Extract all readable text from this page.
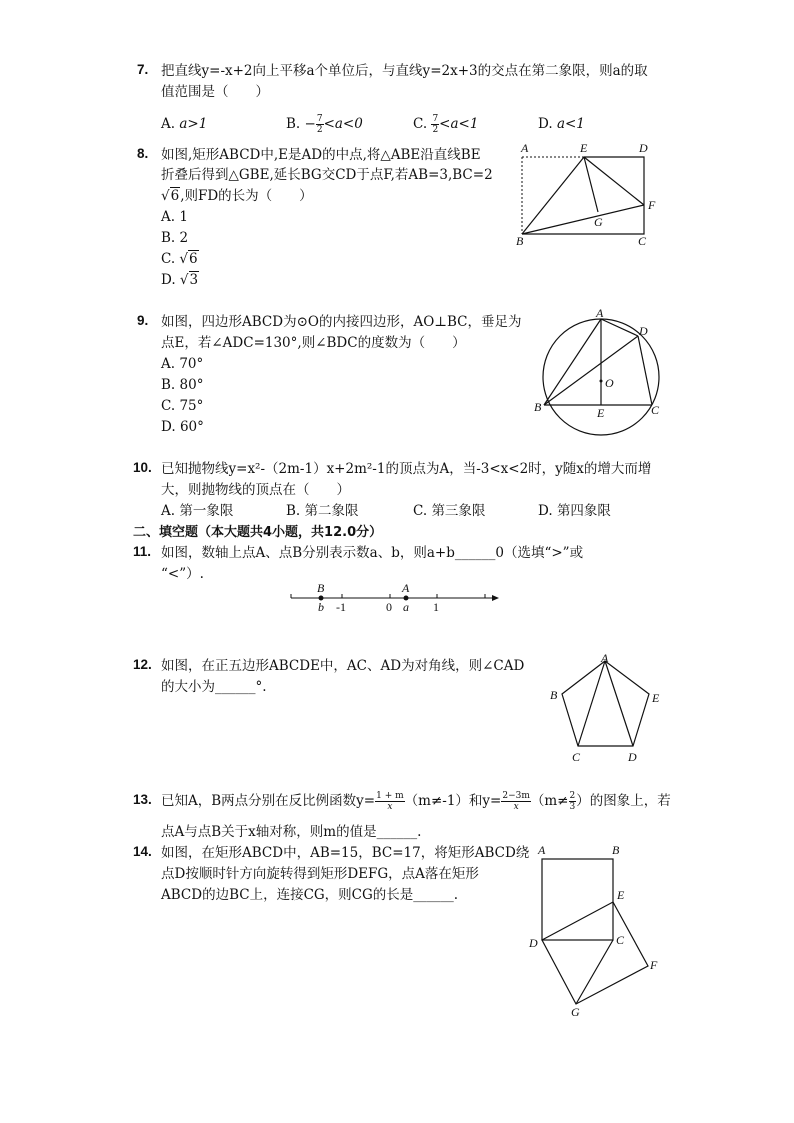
7. 把直线y=-x+2向上平移a个单位后，与直线y=2x+3的交点在第二象限，则a的取
值范围是（　　）
A. a>1	B. − $\frac{7}{2} <a<0$	C. $\frac{7}{2} <a<1$	D. a<1
8. 如图,矩形ABCD中,E是AD的中点,将△ABE沿直线BE
折叠后得到△GBE,延长BG交CD于点F,若AB=3,BC=2
√6,则FD的长为（　　）
A. 1
B. 2
C. √6
D. √3
A	E	D
F
G
B	C
9. 如图，四边形ABCD为⊙O的内接四边形，AO⊥BC，垂足为
点E，若∠ADC=130°,则∠BDC的度数为（　　）
A. 70°
B. 80°
C. 75°
D. 60°
A
D
O
B	E	C
10. 已知抛物线y=x²-（2m-1）x+2m²-1的顶点为A，当-3<x<2时，y随x的增大而增
大，则抛物线的顶点在（　　）
A. 第一象限	B. 第二象限	C. 第三象限	D. 第四象限
二、填空题（本大题共4小题，共12.0分）
11. 如图，数轴上点A、点B分别表示数a、b，则a+b______0（选填“>”或
“<”）.
B
b -1	0
A
a 1
12. 如图，在正五边形ABCDE中，AC、AD为对角线，则∠CAD
的大小为______°.
A
B	E
C	D
13. 已知A，B两点分别在反比例函数$y= \frac{1 + m}{x} (m\ne-1)$和$y= \frac{2-3m}{x} (m\ne \frac{2}{3}$ ）的图象上，若
点A与点B关于x轴对称，则m的值是______.
14. 如图，在矩形ABCD中，AB=15，BC=17，将矩形ABCD绕
点D按顺时针方向旋转得到矩形DEFG，点A落在矩形
ABCD的边BC上，连接CG，则CG的长是______.
A	B
E
D	C
F
G
